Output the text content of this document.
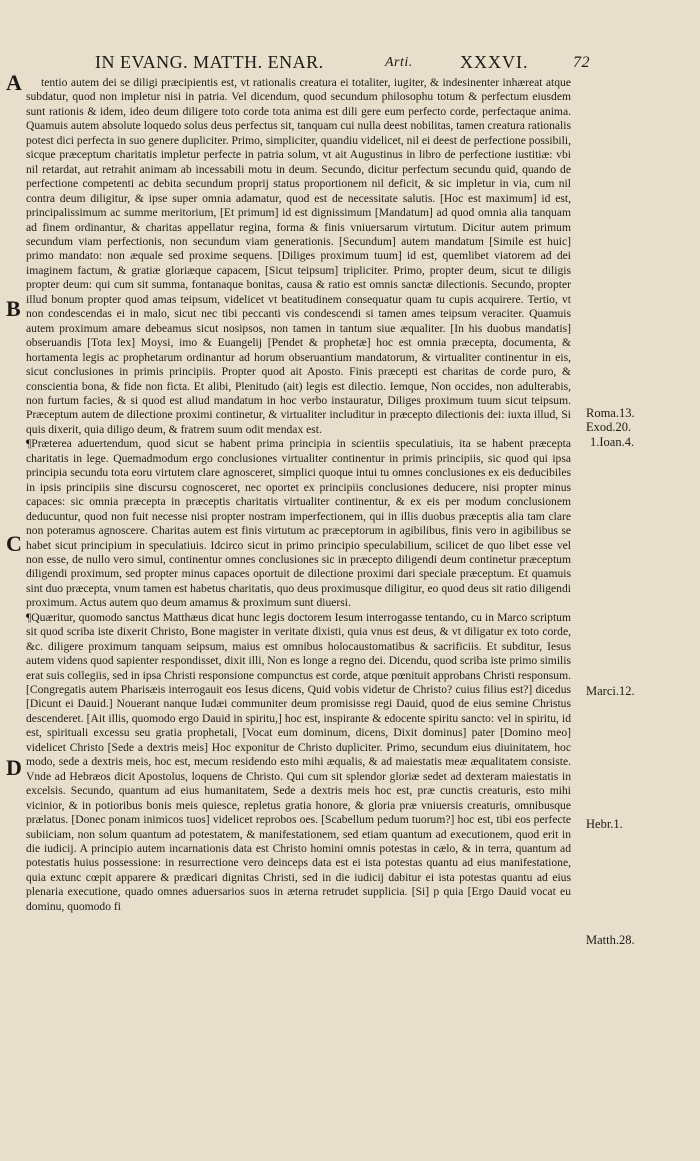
IN EVANG. MATTH. ENAR.	Arti.	XXXVI.	72
A
B
C
D

  tentio autem dei se diligi præcipientis est, vt rationalis creatura ei totaliter, iugiter, & indesinenter inhæreat atque subdatur, quod non impletur nisi in patria. Vel dicendum, quod secundum philosophu totum & perfectum eiusdem sunt rationis & idem, ideo deum diligere toto corde tota anima est dili gere eum perfecto corde, perfectaque anima. Quamuis autem absolute loquedo solus deus perfectus sit, tanquam cui nulla deest nobilitas, tamen creatura rationalis potest dici perfecta in suo genere dupliciter. Primo, simpliciter, quandiu videlicet, nil ei deest de perfectione possibili, sicque præceptum charitatis impletur perfecte in patria solum, vt ait Augustinus in libro de perfectione iustitiæ: vbi nil retardat, aut retrahit animam ab incessabili motu in deum. Secundo, dicitur perfectum secundu quid, quando de perfectione competenti ac debita secundum proprij status proportionem nil deficit, & sic impletur in via, cum nil contra deum diligitur, & ipse super omnia adamatur, quod est de necessitate salutis. [Hoc est maximum] id est, principalissimum ac summe meritorium, [Et primum] id est dignissimum [Mandatum] ad quod omnia alia tanquam ad finem ordinantur, & charitas appellatur regina, forma & finis vniuersarum virtutum. Dicitur autem primum secundum viam perfectionis, non secundum viam generationis. [Secundum] autem mandatum [Simile est huic] primo mandato: non æquale sed proxime sequens. [Diliges proximum tuum] id est, quemlibet viatorem ad dei imaginem factum, & gratiæ gloriæque capacem, [Sicut teipsum] tripliciter. Primo, propter deum, sicut te diligis propter deum: qui cum sit summa, fontanaque bonitas, causa & ratio est omnis sanctæ dilectionis. Secundo, propter illud bonum propter quod amas teipsum, videlicet vt beatitudinem consequatur quam tu cupis acquirere. Tertio, vt non condescendas ei in malo, sicut nec tibi peccanti vis condescendi si tamen ames teipsum veraciter. Quamuis autem proximum amare debeamus sicut nosipsos, non tamen in tantum siue æqualiter. [In his duobus mandatis] obseruandis [Tota lex] Moysi, imo & Euangelij [Pendet & prophetæ] hoc est omnia præcepta, documenta, & hortamenta legis ac prophetarum ordinantur ad horum obseruantium mandatorum, & virtualiter continentur in eis, sicut conclusiones in primis principiis. Propter quod ait Aposto. Finis præcepti est charitas de corde puro, & conscientia bona, & fide non ficta. Et alibi, Plenitudo (ait) legis est dilectio. Iemque, Non occides, non adulterabis, non furtum facies, & si quod est aliud mandatum in hoc verbo instauratur, Diliges proximum tuum sicut teipsum. Præceptum autem de dilectione proximi continetur, & virtualiter includitur in præcepto dilectionis dei: iuxta illud, Si quis dixerit, quia diligo deum, & fratrem suum odit mendax est.

¶Præterea aduertendum, quod sicut se habent prima principia in scientiis speculatiuis, ita se habent præcepta charitatis in lege. Quemadmodum ergo conclusiones virtualiter continentur in primis principiis, sic quod qui ipsa principia secundu tota eoru virtutem clare agnosceret, simplici quoque intui tu omnes conclusiones ex eis deducibiles in ipsis principiis sine discursu cognosceret, nec oportet ex principiis conclusiones deducere, nisi propter minus capaces: sic omnia præcepta in præceptis charitatis virtualiter continentur, & ex eis per modum conclusionem deducuntur, quod non fuit necesse nisi propter nostram imperfectionem, qui in illis duobus præceptis alia tam clare non poteramus agnoscere. Charitas autem est finis virtutum ac præceptorum in agibilibus, finis vero in agibilibus se habet sicut principium in speculatiuis. Idcirco sicut in primo principio speculabilium, scilicet de quo libet esse vel non esse, de nullo vero simul, continentur omnes conclusiones sic in præcepto diligendi deum continetur præceptum diligendi proximum, sed propter minus capaces oportuit de dilectione proximi dari speciale præceptum. Et quamuis sint duo præcepta, vnum tamen est habetus charitatis, quo deus proximusque diligitur, eo quod deus sit ratio diligendi proximum. Actus autem quo deum amamus & proximum sunt diuersi.

¶Quæritur, quomodo sanctus Matthæus dicat hunc legis doctorem Iesum interrogasse tentando, cu in Marco scriptum sit quod scriba iste dixerit Christo, Bone magister in veritate dixisti, quia vnus est deus, & vt diligatur ex toto corde, &c. diligere proximum tanquam seipsum, maius est omnibus holocaustomatibus & sacrificiis. Et subditur, Iesus autem videns quod sapienter respondisset, dixit illi, Non es longe a regno dei. Dicendu, quod scriba iste primo similis erat suis collegiis, sed in ipsa Christi responsione compunctus est corde, atque pœnituit approbans Christi responsum. [Congregatis autem Pharisæis interrogauit eos Iesus dicens, Quid vobis videtur de Christo? cuius filius est?] dicedus [Dicunt ei Dauid.] Nouerant nanque Iudæi communiter deum promisisse regi Dauid, quod de eius semine Christus descenderet. [Ait illis, quomodo ergo Dauid in spiritu,] hoc est, inspirante & edocente spiritu sancto: vel in spiritu, id est, spirituali excessu seu gratia prophetali, [Vocat eum dominum, dicens, Dixit dominus] pater [Domino meo] videlicet Christo [Sede a dextris meis] Hoc exponitur de Christo dupliciter. Primo, secundum eius diuinitatem, hoc modo, sede a dextris meis, hoc est, mecum residendo esto mihi æqualis, & ad maiestatis meæ æqualitatem consiste. Vnde ad Hebræos dicit Apostolus, loquens de Christo. Qui cum sit splendor gloriæ sedet ad dexteram maiestatis in excelsis. Secundo, quantum ad eius humanitatem, Sede a dextris meis hoc est, præ cunctis creaturis, esto mihi vicinior, & in potioribus bonis meis quiesce, repletus gratia honore, & gloria præ vniuersis creaturis, omnibusque prælatus. [Donec ponam inimicos tuos] videlicet reprobos oes. [Scabellum pedum tuorum?] hoc est, tibi eos perfecte subiiciam, non solum quantum ad potestatem, & manifestationem, sed etiam quantum ad executionem, quod erit in die iudicij. A principio autem incarnationis data est Christo homini omnis potestas in cælo, & in terra, quantum ad potestatis huius possessione: in resurrectione vero deinceps data est ei ista potestas quantu ad eius manifestatione, quia extunc cœpit apparere & prædicari dignitas Christi, sed in die iudicij dabitur ei ista potestas quantu ad eius plenaria executione, quado omnes aduersarios suos in æterna retrudet supplicia. [Si] p quia [Ergo Dauid vocat eu dominu, quomodo fi

Roma.13.
Exod.20.
1.Ioan.4.
Marci.12.
Hebr.1.
Matth.28.
